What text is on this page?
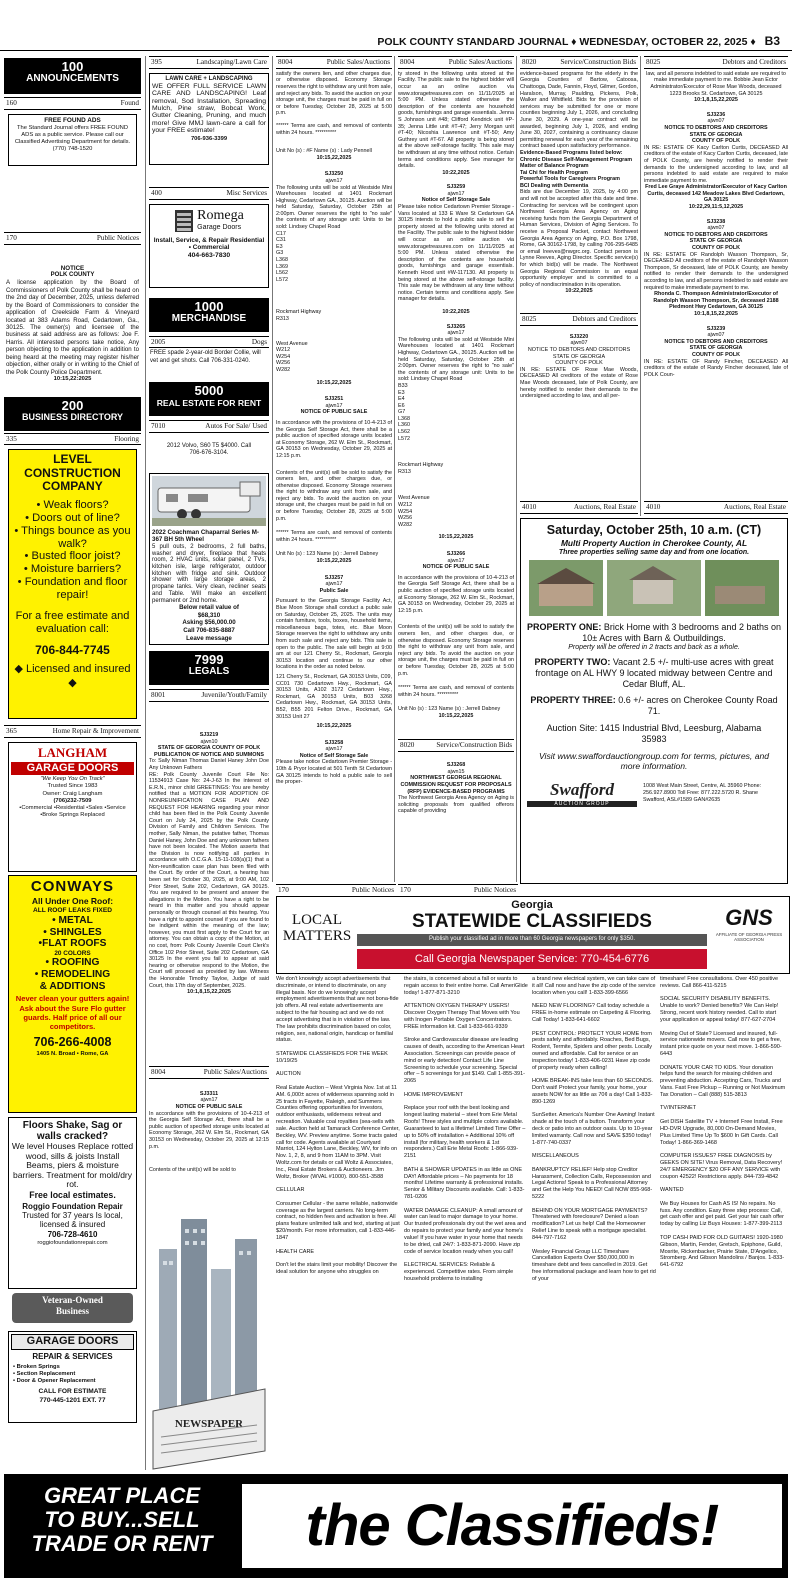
POLK COUNTY STANDARD JOURNAL ♦ WEDNESDAY, OCTOBER 22, 2025 ♦ B3
100
ANNOUNCEMENTS
160	Found
FREE FOUND ADS
The Standard Journal offers FREE FOUND ADS as a public service. Please call our Classified Advertising Department for details. (770) 748-1520
170	Public Notices
NOTICE
POLK COUNTY
A license application by the Board of Commissioners of Polk County shall be heard on the 2nd day of December, 2025, unless deferred by the Board of Commissioners to consider the application of Creekside Farm & Vineyard located at 383 Adams Road, Cedartown, Ga., 30125. The owner(s) and licensee of the business at said address are as follows: Joe F. Harris. All interested persons take notice, Any person objecting to the application in addition to being heard at the meeting may register his/her objection, either orally or in writing to the Chief of the Polk County Police Department.
10:15,22:2025
200
BUSINESS DIRECTORY
335	Flooring
LEVEL CONSTRUCTION COMPANY
• Weak floors?
• Doors out of line?
• Things bounce as you walk?
• Busted floor joist?
• Moisture barriers?
• Foundation and floor repair!
For a free estimate and evaluation call:
706-844-7745
◆ Licensed and insured ◆
365	Home Repair & Improvement
LANGHAM
GARAGE DOORS
"We Keep You On Track"
Trusted Since 1983
Owner: Craig Langham
(706)232-7509
•Commercial •Residential •Sales •Service •Broke Springs Replaced
CONWAYS
All Under One Roof:
ALL ROOF LEAKS FIXED
• METAL
• SHINGLES
•FLAT ROOFS
20 COLORS
• ROOFING
• REMODELING
& ADDITIONS
Never clean your gutters again! Ask about the Sure Flo gutter guards. Half price of all our competitors.
706-266-4008
1405 N. Broad • Rome, GA
Floors Shake, Sag or walls cracked?
We level Houses Replace rotted wood, sills & joists Install Beams, piers & moisture barriers. Treatment for mold/dry rot.
Free local estimates.
Roggio Foundation Repair
Trusted for 37 years Is local, licensed & insured
706-728-4610
roggiofoundationrepair.com
Veteran-Owned
Business
GARAGE DOORS
REPAIR & SERVICES
• Broken Springs
• Section Replacement
• Door & Opener Replacement
CALL FOR ESTIMATE
770-445-1201 EXT. 77
395	Landscaping/Lawn Care
LAWN CARE + LANDSCAPING
WE OFFER FULL SERVICE LAWN CARE AND LANDSCAPING! Leaf removal, Sod Installation, Spreading Mulch, Pine straw, Bobcat Work, Gutter Cleaning, Pruning, and much more! Give MMJ lawn-care a call for your FREE estimate!
706-936-3399
400	Misc Services
Romega
Garage Doors
Install, Service, & Repair Residential • Commercial
404-663-7830
1000
MERCHANDISE
2005	Dogs
FREE spade 2-year-old Border Collie, will vet and get shots. Call 706-331-0240.
5000
REAL ESTATE FOR RENT
7010	Autos For Sale/ Used
2012 Volvo, S60 T5 $4000. Call 706-676-3104.
2022 Coachman Chaparral Series M-367 BH 5th Wheel
5 pull outs, 2 bedrooms, 2 full baths, washer and dryer, fireplace that heats room, 2 HVAC units, solar panel, 2 TVs, kitchen isle, large refrigerator, outdoor kitchen with fridge and sink. Outdoor shower with large storage areas, 2 propane tanks. Very clean, recliner seats and Table. Will make an excellent permanent or 2nd home.
Below retail value of
$68,310
Asking $56,000.00
Call 706-835-8887
Leave message
7999
LEGALS
8001	Juvenile/Youth/Family
SJ3219
ajwn10
STATE OF GEORGIA COUNTY OF POLK PUBLICATION OF NOTICE AND SUMMONS
To: Sally Niman Thomas Daniel Haney John Doe Any Unknown Fathers
RE: Polk County Juvenile Court File No: 11534913 Case No: 24-J-63 In the interest of E.R.N., minor child GREETINGS: You are hereby notified that a MOTION FOR ADOPTION OF NONREUNIFICATION CASE PLAN AND REQUEST FOR HEARING regarding your minor child has been filed in the Polk County Juvenile Court on July 24, 2025 by the Polk County Division of Family and Children Services. The mother, Sally Niman, the putative father, Thomas Daniel Haney, John Doe and any unknown fathers have not been located. The Motion asserts that the Division is now notifying all parties in accordance with O.C.G.A. 15-11-108(a)(1) that a Non-reunification case plan has been filed with the Court. By order of the Court, a hearing has been set for October 30, 2025, at 9:00 AM, 102 Prior Street, Suite 202, Cedartown, GA 30125. You are required to be present and answer the allegations in the Motion. You have a right to be heard in this matter and you should appear personally or through counsel at this hearing. You have a right to appoint counsel if you are found to be indigent within the meaning of the law; however, you must first apply to the Court for an attorney. You can obtain a copy of the Motion, at no cost, from: Polk County Juvenile Court Clerk's Office 102 Prior Street, Suite 202 Cedartown, GA 30125 In the event you fail to appear at said hearing or otherwise respond to the Motion, the Court will proceed as provided by law. Witness the Honorable Timothy Tayloe, Judge of said Court, this 17th day of September, 2025.
10:1,8,15,22,2025
8004	Public Sales/Auctions
SJ3311
ajwn17
NOTICE OF PUBLIC SALE
In accordance with the provisions of 10-4-213 of the Georgia Self Storage Act, there shall be a public auction of specified storage units located at Economy Storage, 262 W. Elm St., Rockmart, GA 30153 on Wednesday, October 29, 2025 at 12:15 p.m.
Contents of the unit(s) will be sold to
NEWSPAPER
8004	Public Sales/Auctions
satisfy the owners lien, and other charges due, or otherwise disposed. Economy Storage reserves the right to withdraw any unit from sale, and reject any bids. To avoid the auction on your storage unit, the charges must be paid in full on or before Tuesday, October 28, 2025 at 5:00 p.m.
****** Terms are cash, and removal of contents within 24 hours. **********
Unit No (s) : #F Name (s) : Lady Pennell
10:15,22,2025
SJ3250
ajwn17
The following units will be sold at Westside Mini Warehouses located at 1401 Rockmart Highway, Cedartown GA., 30125. Auction will be held Saturday, Saturday, October 25th at 2:00pm. Owner reserves the right to "no sale" the contents of any storage unit: Units to be sold: Lindsey Chapel Road
C17
C31
E3
G3
L368
L369
L562
L572
Rockmart Highway
R313
West Avenue
W212
W254
W256
W282
10:15,22,2025
SJ3251
ajwn17
NOTICE OF PUBLIC SALE

In accordance with the provisions of 10-4-213 of the Georgia Self Storage Act, there shall be a public auction of specified storage units located at Economy Storage, 262 W. Elm St., Rockmart, GA 30153 on Wednesday, October 29, 2025 at 12:15 p.m.

Contents of the unit(s) will be sold to satisfy the owners lien, and other charges due, or otherwise disposed. Economy Storage reserves the right to withdraw any unit from sale, and reject any bids. To avoid the auction on your storage unit, the charges must be paid in full on or before Tuesday, October 28, 2025 at 5:00 p.m.

****** Terms are cash, and removal of contents within 24 hours. **********

Unit No (s) : 123 Name (s) : Jerrell Dabney
10:15,22,2025
SJ3257
ajwn17
Public Sale

Pursuant to the Georgia Storage Facility Act, Blue Moon Storage shall conduct a public sale on Saturday, October 25, 2025. The units may contain furniture, tools, boxes, household items, miscellaneous bags, totes, etc. Blue Moon Storage reserves the right to withdraw any units from such sale and reject any bids. This sale is open to the public. The sale will begin at 9:00 am at our 121 Cherry St., Rockmart, Georgia 30153 location and continue to our other locations in the order as noted below.

121 Cherry St., Rockmart, GA 30153 Units, C09, CC01 730 Cedartown Hwy., Rockmart, GA 30153 Units, A102 3172 Cedartown Hwy., Rockmart, GA 30153 Units, B03 3268 Cedartown Hwy., Rockmart, GA 30153 Units, B52, B55 201 Felton Drive., Rockmart, GA 30153 Unit 27

10:15,22,2025
SJ3258
ajwn17
Notice of Self Storage Sale
Please take notice Cedartown Premier Storage - 10th & Pryor located at 501 Tenth St Cedartown GA 30125 intends to hold a public sale to sell the proper-
8004	Public Sales/Auctions
ty stored in the following units stored at the Facility. The public sale to the highest bidder will occur as an online auction via www.storagetreasures.com on 11/11/2025 at 5:00 PM. Unless stated otherwise the description of the contents are household goods, furnishings and garage essentials. Jenna S Johnson unit #48; Clifford Kendrick unit #P-35; Jenna Little unit #T-47; Jerry Morgan unit #T-40; Nicoshia Lawrence unit #T-50; Amy Guthrey unit #T-67. All property is being stored at the above self-storage facility. This sale may be withdrawn at any time without notice. Certain terms and conditions apply. See manager for details.
10:22,2025
SJ3259
ajwn17
Notice of Self Storage Sale
Please take notice Cedartown Premier Storage - Vans located at 133 E Ware St Cedartown GA 30125 intends to hold a public sale to sell the property stored at the following units stored at the Facility. The public sale to the highest bidder will occur as an online auction via www.storagetreasures.com on 11/11/2025 at 5:00 PM. Unless stated otherwise the description of the contents are household goods, furnishings and garage essentials. Kenneth Hood unit #W-117130. All property is being stored at the above self-storage facility. This sale may be withdrawn at any time without notice. Certain terms and conditions apply. See manager for details.
10:22,2025
SJ3265
ajwn17
The following units will be sold at Westside Mini Warehouses located at 1401 Rockmart Highway, Cedartown GA., 30125. Auction will be held Saturday, Saturday, October 25th at 2:00pm. Owner reserves the right to "no sale" the contents of any storage unit: Units to be sold: Lindsey Chapel Road
B33
E3
E4
E6
G7
L368
L360
L562
L572
Rockmart Highway
R313
West Avenue
W212
W254
W256
W282
10:15,22,2025
SJ3266
ajwn17
NOTICE OF PUBLIC SALE

In accordance with the provisions of 10-4-213 of the Georgia Self Storage Act, there shall be a public auction of specified storage units located at Economy Storage, 262 W. Elm St., Rockmart, GA 30153 on Wednesday, October 29, 2025 at 12:15 p.m.

Contents of the unit(s) will be sold to satisfy the owners lien, and other charges due, or otherwise disposed. Economy Storage reserves the right to withdraw any unit from sale, and reject any bids. To avoid the auction on your storage unit, the charges must be paid in full on or before Tuesday, October 28, 2025 at 5:00 p.m.

****** Terms are cash, and removal of contents within 24 hours. **********

Unit No (s) : 123 Name (s) : Jerrell Dabney
10:15,22,2025
8020	Service/Construction Bids
SJ3268
ajwn15
NORTHWEST GEORGIA REGIONAL COMMISSION REQUEST FOR PROPOSALS (RFP) EVIDENCE-BASED PROGRAMS
The Northwest Georgia Area Agency on Aging is soliciting proposals from qualified offerors capable of providing
8020	Service/Construction Bids
evidence-based programs for the elderly in the Georgia Counties of Bartow, Catoosa, Chattooga, Dade, Fannin, Floyd, Gilmer, Gordon, Haralson, Murray, Paulding, Pickens, Polk, Walker and Whitfield. Bids for the provision of services may be submitted for one or more counties beginning July 1, 2026, and concluding June 30, 2029. A one-year contract will be awarded, beginning July 1, 2026, and ending June 30, 2027, containing a continuancy clause permitting renewal for each year of the remaining contract based upon satisfactory performance.
Evidence-Based Programs listed below:
Chronic Disease Self-Management Program
Matter of Balance Program
Tai Chi for Health Program
Powerful Tools for Caregivers Program
BCI Dealing with Dementia
Bids are due December 19, 2025, by 4:00 pm and will not be accepted after this date and time. Contracting for services will be contingent upon Northwest Georgia Area Agency on Aging receiving funds from the Georgia Department of Human Services, Division of Aging Services. To receive a Proposal Packet, contact Northwest Georgia Area Agency on Aging, P.O. Box 1798, Rome, GA 30162-1798, by calling 706-295-6485 or email lreeves@nwgrc.org. Contact person is Lynne Reeves, Aging Director. Specific service(s) for which bid(s) will be made. The Northwest Georgia Regional Commission is an equal opportunity employer and is committed to a policy of nondiscrimination in its operation.
10:22,2025
8025	Debtors and Creditors
SJ3220
ajwn07
NOTICE TO DEBTORS AND CREDITORS
STATE OF GEORGIA
COUNTY OF POLK
IN RE: ESTATE OF Rose Mae Woods, DECEASED All creditors of the estate of Rose Mae Woods deceased, late of Polk County, are hereby notified to render their demands to the undersigned according to law, and all per-
8025	Debtors and Creditors
law, and all persons indebted to said estate are required to make immediate payment to me. Bobbie Jean Ector Administrator/Executor of Rose Mae Woods, deceased 1223 Brooks St. Cedartown, GA 30125
10:1,8,15,22,2025
SJ3236
ajwn07
NOTICE TO DEBTORS AND CREDITORS
STATE OF GEORGIA
COUNTY OF POLK
IN RE: ESTATE OF Kacy Carlton Curtis, DECEASED All creditors of the estate of Kacy Carlton Curtis, deceased, late of POLK County, are hereby notified to render their demands to the undersigned according to law, and all persons indebted to said estate are required to make immediate payment to me.
Fred Lee Graye Administrator/Executor of Kacy Carlton Curtis, deceased 142 Meadow Lakes Blvd Cedartown, GA 30125
10:22,29,11:5,12,2025
SJ3238
ajwn07
NOTICE TO DEBTORS AND CREDITORS
STATE OF GEORGIA
COUNTY OF POLK
IN RE: ESTATE OF Randolph Wasson Thompson, Sr, DECEASED All creditors of the estate of Randolph Wasson Thompson, Sr deceased, late of POLK County, are hereby notified to render their demands to the undersigned according to law, and all persons indebted to said estate are required to make immediate payment to me.
Rhonda C. Thompson Administrator/Executor of Randolph Wasson Thompson, Sr, deceased 2188 Piedmont Hwy Cedartown, GA 30125
10:1,8,15,22,2025
SJ3239
ajwn07
NOTICE TO DEBTORS AND CREDITORS
STATE OF GEORGIA
COUNTY OF POLK
IN RE: ESTATE OF Randy Fincher, DECEASED All creditors of the estate of Randy Fincher deceased, late of POLK Coun-
4010	Auctions, Real Estate 4010	Auctions, Real Estate
Saturday, October 25th, 10 a.m. (CT)
Multi Property Auction in Cherokee County, AL
Three properties selling same day and from one location.
PROPERTY ONE: Brick Home with 3 bedrooms and 2 baths on 10± Acres with Barn & Outbuildings.
Property will be offered in 2 tracts and back as a whole.
PROPERTY TWO: Vacant 2.5 +/- multi-use acres with great frontage on AL HWY 9 located midway between Centre and Cedar Bluff, AL.
PROPERTY THREE: 0.6 +/- acres on Cherokee County Road 71.
Auction Site: 1415 Industrial Blvd, Leesburg, Alabama 35983
Visit www.swaffordauctiongroup.com for terms, pictures, and more information.
Swafford
AUCTION GROUP
1008 West Main Street, Centre, AL 35960 Phone: 256.927.8900 Toll Free: 877.222.5720 R. Shane Swafford, ASL#1589 GAN#2635
170	Public Notices 170	Public Notices
LOCAL
MATTERS
Georgia
STATEWIDE CLASSIFIEDS
Publish your classified ad in more than 60 Georgia newspapers for only $350.
Call Georgia Newspaper Service: 770-454-6776
GNS
AFFILIATE OF GEORGIA PRESS ASSOCIATION
We don't knowingly accept advertisements that discriminate, or intend to discriminate, on any illegal basis. Nor do we knowingly accept employment advertisements that are not bona-fide job offers. All real estate advertisements are subject to the fair housing act and we do not accept advertising that is in violation of the law. The law prohibits discrimination based on color, religion, sex, national origin, handicap or familial status.

STATEWIDE CLASSIFIEDS FOR THE WEEK 10/19/25

AUCTION

Real Estate Auction – West Virginia Nov. 1st at 11 AM. 6,000± acres of wilderness spanning sold in 25 tracts in Fayette, Raleigh, and Summers Counties offering opportunities for investors, outdoor enthusiasts, wilderness retreat and recreation. Valuable coal royalties (sea-sells with sale. Auction held at Tamarack Conference Center, Beckley, WV. Preview anytime. Some tracts gated call for code. Agents available at Courtyard Marriot, 124 Hylton Lane, Beckley, WV, for info on Nov. 1, 2, 8, and 9 from 11AM to 3PM. Visit Woltz.com for details or call Woltz & Associates, Inc., Real Estate Brokers & Auctioneers. Jim Woltz, Broker (WVAL #1000). 800-551-3588

CELLULAR

Consumer Cellular - the same reliable, nationwide coverage as the largest carriers. No long-term contract, no hidden fees and activation is free. All plans feature unlimited talk and text, starting at just $20/month. For more information, call 1-833-446-1847

HEALTH CARE

Don't let the stairs limit your mobility! Discover the ideal solution for anyone who struggles on
the stairs, is concerned about a fall or wants to regain access to their entire home. Call AmeriGlide today! 1-877-871-3210

ATTENTION OXYGEN THERAPY USERS! Discover Oxygen Therapy That Moves with You with Inogen Portable Oxygen Concentrators. FREE information kit. Call 1-833-661-9339

Stroke and Cardiovascular disease are leading causes of death, according to the American Heart Association. Screenings can provide peace of mind or early detection! Contact Life Line Screening to schedule your screening. Special offer – 5 screenings for just $149. Call 1-855-391-2065

HOME IMPROVEMENT

Replace your roof with the best looking and longest lasting material – steel from Erie Metal Roofs! Three styles and multiple colors available. Guaranteed to last a lifetime! Limited Time Offer – up to 50% off installation + Additional 10% off install (for military, health workers & 1st responders.) Call Erie Metal Roofs: 1-866-939-2151

BATH & SHOWER UPDATES in as little as ONE DAY! Affordable prices – No payments for 18 months! Lifetime warranty & professional installs. Senior & Military Discounts available. Call: 1-833-781-0206

WATER DAMAGE CLEANUP: A small amount of water can lead to major damage to your home. Our trusted professionals dry out the wet area and do repairs to protect your family and your home's value! If you have water in your home that needs to be dried, call 24/7: 1-833-871-2090. Have zip code of service location ready when you call!

ELECTRICAL SERVICES: Reliable & experienced. Competitive rates. From simple household problems to installing
a brand new electrical system, we can take care of it all! Call now and have the zip code of the service location when you call! 1-833-399-6566

NEED NEW FLOORING? Call today schedule a FREE in-home estimate on Carpeting & Flooring. Call Today! 1-833-641-6602

PEST CONTROL: PROTECT YOUR HOME from pests safely and affordably. Roaches, Bed Bugs, Rodent, Termite, Spiders and other pests. Locally owned and affordable. Call for service or an inspection today! 1-833-406-0231 Have zip code of property ready when calling!

HOME BREAK-INS take less than 60 SECONDS. Don't wait! Protect your family, your home, your assets NOW for as little as 70¢ a day! Call 1-833-890-1269

SunSetter. America's Number One Awning! Instant shade at the touch of a button. Transform your deck or patio into an outdoor oasis. Up to 10-year limited warranty. Call now and SAVE $350 today! 1-877-740-0337

MISCELLANEOUS

BANKRUPTCY RELIEF! Help stop Creditor Harassment, Collection Calls, Repossession and Legal Actions! Speak to a Professional Attorney and Get the Help You NEED! Call NOW 855-968-5222

BEHIND ON YOUR MORTGAGE PAYMENTS? Threatened with foreclosure? Denied a loan modification? Let us help! Call the Homeowner Relief Line to speak with a mortgage specialist. 844-797-7162

Wesley Financial Group LLC Timeshare Cancellation Experts Over $50,000,000 in timeshare debt and fees cancelled in 2019. Get free informational package and learn how to get rid of your
timeshare! Free consultations. Over 450 positive reviews. Call 866-411-5215

SOCIAL SECURITY DISABILITY BENEFITS. Unable to work? Denied benefits? We Can Help! Strong, recent work history needed. Call to start your application or appeal today! 877-627-2704

Moving Out of State? Licensed and insured, full-service nationwide movers. Call now to get a free, instant price quote on your next move. 1-866-590-6443

DONATE YOUR CAR TO KIDS. Your donation helps fund the search for missing children and preventing abduction. Accepting Cars, Trucks and Vans. Fast Free Pickup – Running or Not Maximum Tax Donation – Call (888) 515-3813

TV/INTERNET

Get DISH Satellite TV + Internet! Free Install, Free HD-DVR Upgrade, 80,000 On-Demand Movies, Plus Limited Time Up To $600 In Gift Cards. Call Today! 1-866-369-1468

COMPUTER ISSUES? FREE DIAGNOSIS by GEEKS ON SITE! Virus Removal, Data Recovery! 24/7 EMERGENCY $20 OFF ANY SERVICE with coupon 42522! Restrictions apply. 844-739-4842

WANTED

We Buy Houses for Cash AS IS! No repairs. No fuss. Any condition. Easy three step process: Call, get cash offer and get paid. Get your fair cash offer today by calling Liz Buys Houses: 1-877-399-2113

TOP CASH PAID FOR OLD GUITARS! 1920-1980 Gibson, Martin, Fender, Gretsch, Epiphone, Guild, Mosrite, Rickenbacker, Prairie State, D'Angelico, Stromberg. And Gibson Mandolins / Banjos. 1-833-641-6792
GREAT PLACE
TO BUY...SELL
TRADE OR RENT	the Classifieds!
